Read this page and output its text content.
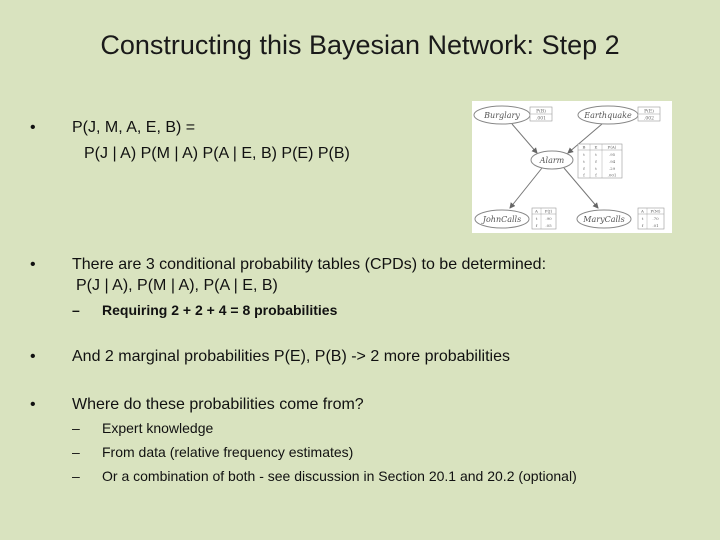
Constructing this Bayesian Network: Step 2
•	P(J, M, A, E, B) =
P(J | A) P(M | A) P(A | E, B) P(E) P(B)
Burglary	Earthquake
Alarm
JohnCalls	MaryCalls
P(B)
.001
P(E)
.002
B E	P(A)
t	t	.95
t	f	.94
f	t	.29
f	f	.001
A P(J)
t .90
f .05
A P(M)
t .70
f .01
•	There are 3 conditional probability tables (CPDs) to be determined:
P(J | A), P(M | A), P(A | E, B)
–	Requiring 2 + 2 + 4 = 8 probabilities
•	And 2 marginal probabilities P(E), P(B) -> 2 more probabilities
•	Where do these probabilities come from?
–	Expert knowledge
–	From data (relative frequency estimates)
–	Or a combination of both - see discussion in Section 20.1 and 20.2 (optional)
